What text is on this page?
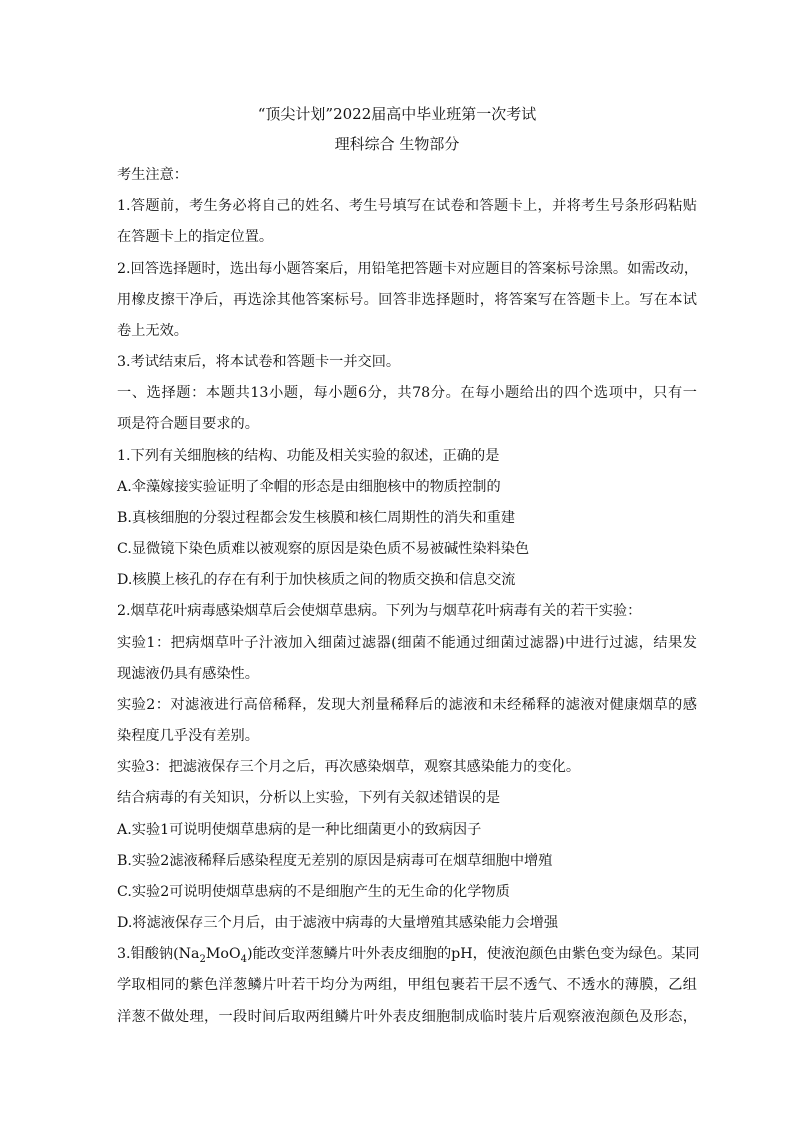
“顶尖计划”2022届高中毕业班第一次考试
理科综合 生物部分
考生注意：
1.答题前，考生务必将自己的姓名、考生号填写在试卷和答题卡上，并将考生号条形码粘贴
在答题卡上的指定位置。
2.回答选择题时，选出每小题答案后，用铅笔把答题卡对应题目的答案标号涂黑。如需改动，
用橡皮擦干净后，再选涂其他答案标号。回答非选择题时，将答案写在答题卡上。写在本试
卷上无效。
3.考试结束后，将本试卷和答题卡一并交回。
一、选择题：本题共13小题，每小题6分，共78分。在每小题给出的四个选项中，只有一
项是符合题目要求的。
1.下列有关细胞核的结构、功能及相关实验的叙述，正确的是
A.伞藻嫁接实验证明了伞帽的形态是由细胞核中的物质控制的
B.真核细胞的分裂过程都会发生核膜和核仁周期性的消失和重建
C.显微镜下染色质难以被观察的原因是染色质不易被碱性染料染色
D.核膜上核孔的存在有利于加快核质之间的物质交换和信息交流
2.烟草花叶病毒感染烟草后会使烟草患病。下列为与烟草花叶病毒有关的若干实验：
实验1：把病烟草叶子汁液加入细菌过滤器(细菌不能通过细菌过滤器)中进行过滤，结果发
现滤液仍具有感染性。
实验2：对滤液进行高倍稀释，发现大剂量稀释后的滤液和未经稀释的滤液对健康烟草的感
染程度几乎没有差别。
实验3：把滤液保存三个月之后，再次感染烟草，观察其感染能力的变化。
结合病毒的有关知识，分析以上实验，下列有关叙述错误的是
A.实验1可说明使烟草患病的是一种比细菌更小的致病因子
B.实验2滤液稀释后感染程度无差别的原因是病毒可在烟草细胞中增殖
C.实验2可说明使烟草患病的不是细胞产生的无生命的化学物质
D.将滤液保存三个月后，由于滤液中病毒的大量增殖其感染能力会增强
3.钼酸钠$(Na_2MoO_4)$能改变洋葱鳞片叶外表皮细胞的pH，使液泡颜色由紫色变为绿色。某同
学取相同的紫色洋葱鳞片叶若干均分为两组，甲组包裹若干层不透气、不透水的薄膜，乙组
洋葱不做处理，一段时间后取两组鳞片叶外表皮细胞制成临时装片后观察液泡颜色及形态，
